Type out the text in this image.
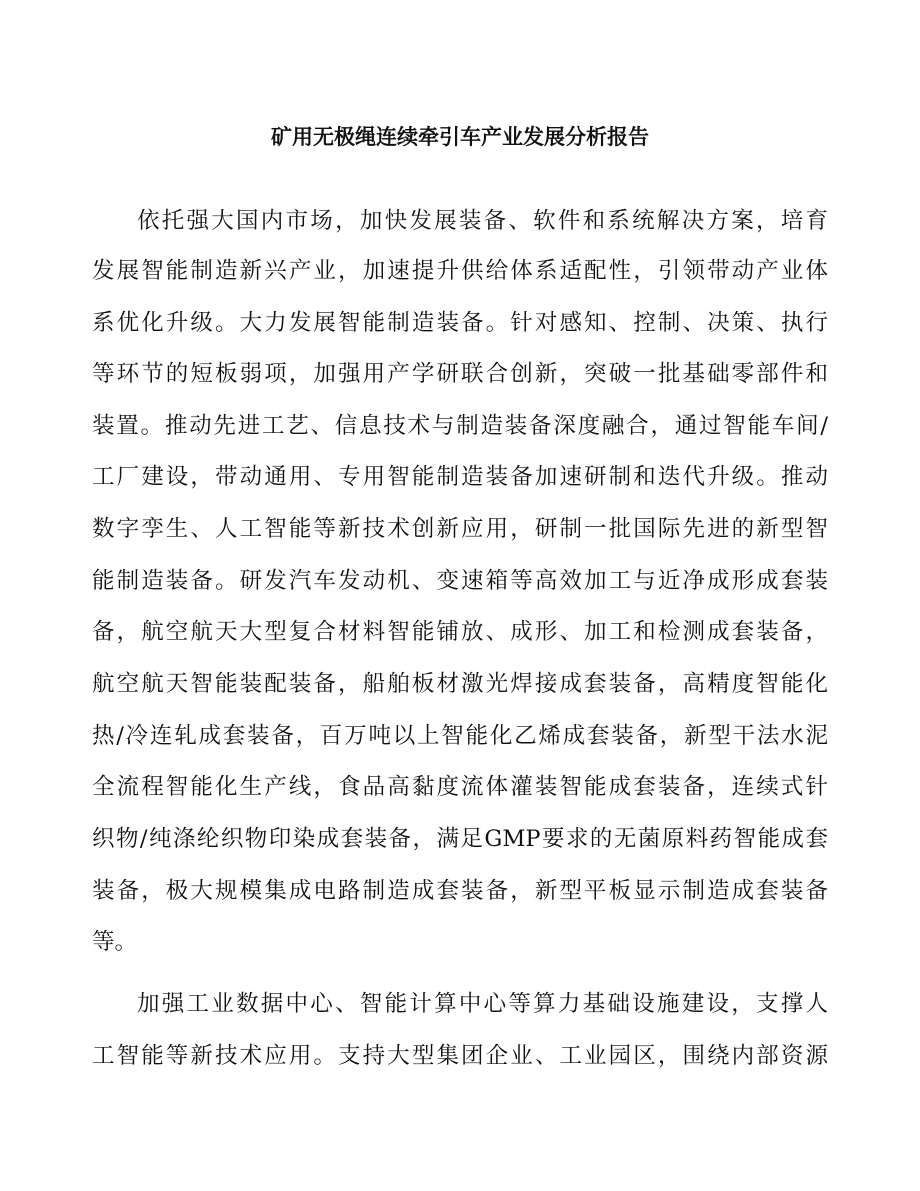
矿用无极绳连续牵引车产业发展分析报告
依托强大国内市场，加快发展装备、软件和系统解决方案，培育
发展智能制造新兴产业，加速提升供给体系适配性，引领带动产业体
系优化升级。大力发展智能制造装备。针对感知、控制、决策、执行
等环节的短板弱项，加强用产学研联合创新，突破一批基础零部件和
装置。推动先进工艺、信息技术与制造装备深度融合，通过智能车间/
工厂建设，带动通用、专用智能制造装备加速研制和迭代升级。推动
数字孪生、人工智能等新技术创新应用，研制一批国际先进的新型智
能制造装备。研发汽车发动机、变速箱等高效加工与近净成形成套装
备，航空航天大型复合材料智能铺放、成形、加工和检测成套装备，
航空航天智能装配装备，船舶板材激光焊接成套装备，高精度智能化
热/冷连轧成套装备，百万吨以上智能化乙烯成套装备，新型干法水泥
全流程智能化生产线，食品高黏度流体灌装智能成套装备，连续式针
织物/纯涤纶织物印染成套装备，满足GMP要求的无菌原料药智能成套
装备，极大规模集成电路制造成套装备，新型平板显示制造成套装备
等。
加强工业数据中心、智能计算中心等算力基础设施建设，支撑人
工智能等新技术应用。支持大型集团企业、工业园区，围绕内部资源
